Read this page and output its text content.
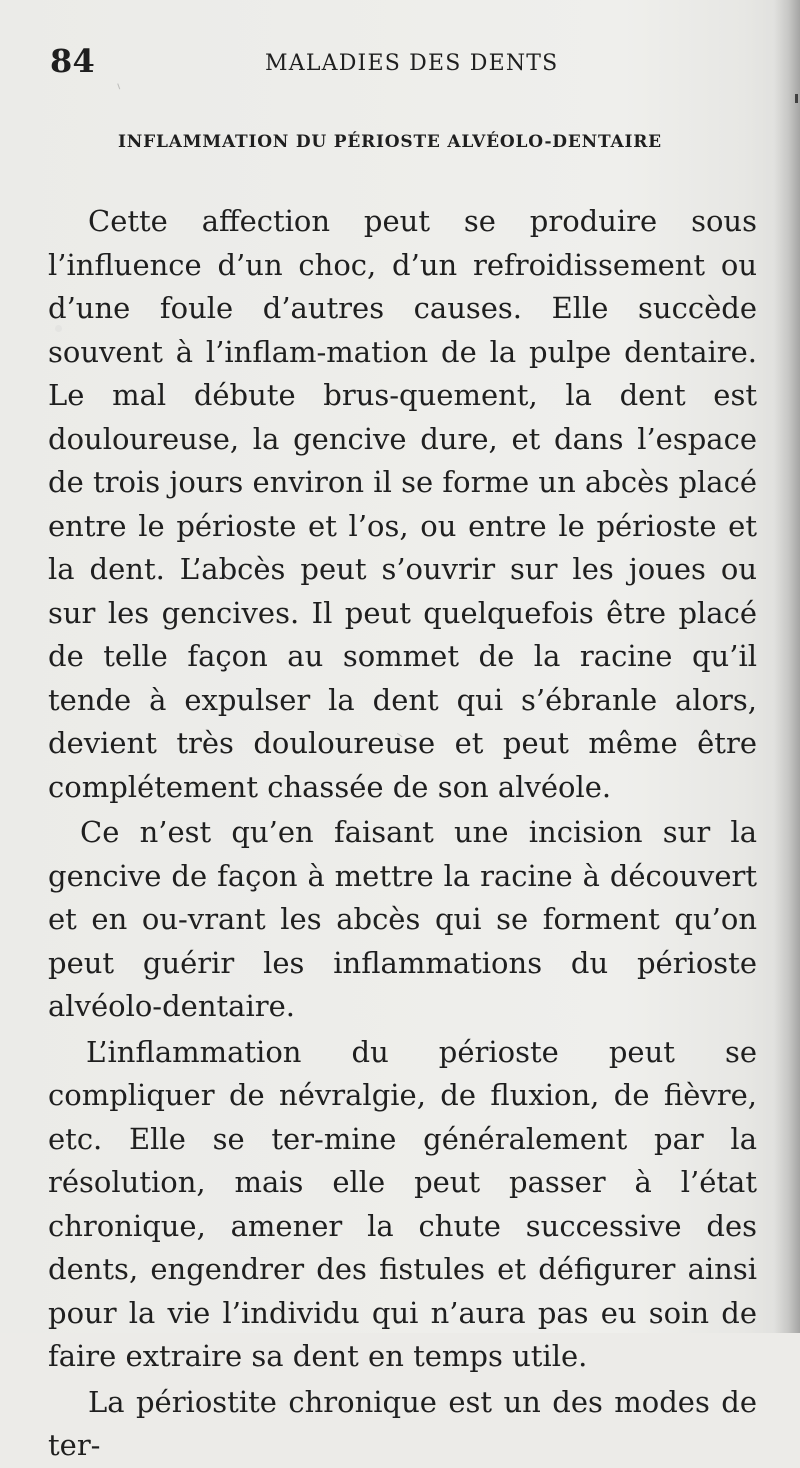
84	MALADIES DES DENTS
INFLAMMATION DU PÉRIOSTE ALVÉOLO-DENTAIRE

Cette affection peut se produire sous l’influence d’un choc, d’un refroidissement ou d’une foule d’autres causes. Elle succède souvent à l’inflam-mation de la pulpe dentaire. Le mal débute brus-quement, la dent est douloureuse, la gencive dure, et dans l’espace de trois jours environ il se forme un abcès placé entre le périoste et l’os, ou entre le périoste et la dent. L’abcès peut s’ouvrir sur les joues ou sur les gencives. Il peut quelquefois être placé de telle façon au sommet de la racine qu’il tende à expulser la dent qui s’ébranle alors, devient très douloureuse et peut même être complétement chassée de son alvéole.

Ce n’est qu’en faisant une incision sur la gencive de façon à mettre la racine à découvert et en ou-vrant les abcès qui se forment qu’on peut guérir les inflammations du périoste alvéolo-dentaire.

L’inflammation du périoste peut se compliquer de névralgie, de fluxion, de fièvre, etc. Elle se ter-mine généralement par la résolution, mais elle peut passer à l’état chronique, amener la chute successive des dents, engendrer des fistules et défigurer ainsi pour la vie l’individu qui n’aura pas eu soin de faire extraire sa dent en temps utile.

La périostite chronique est un des modes de ter-
